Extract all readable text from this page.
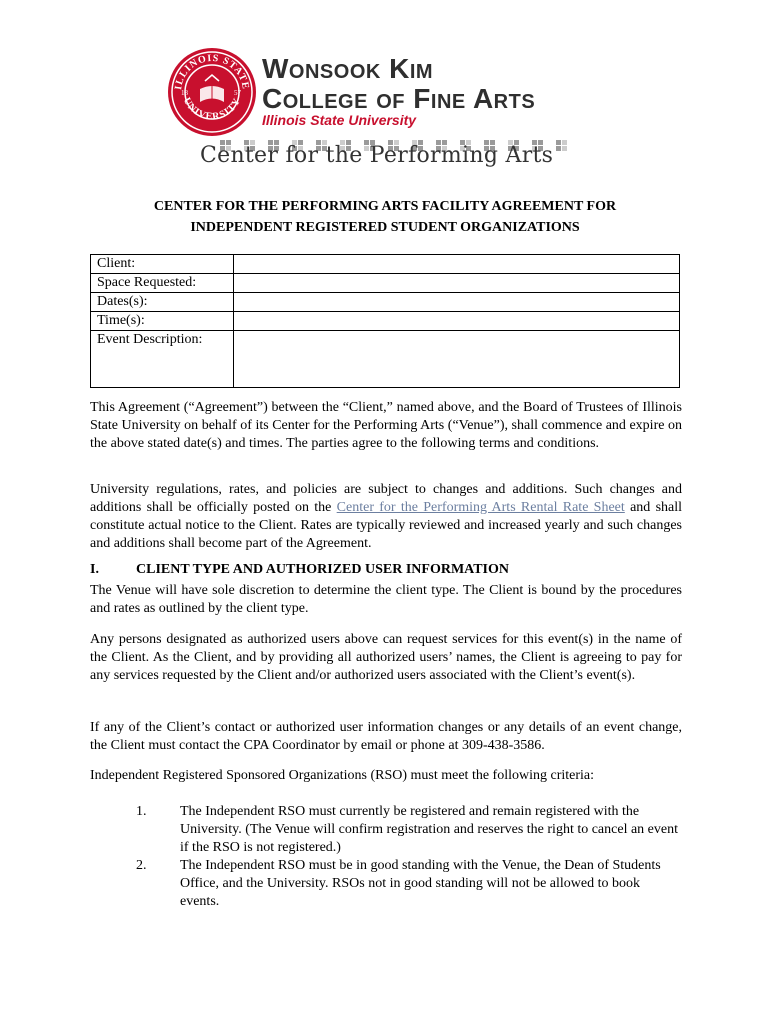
ILLINOIS STATE
UNIVERSITY
18	57
Wonsook Kim
College of Fine Arts
Illinois State University
Center for the Performing Arts
CENTER FOR THE PERFORMING ARTS FACILITY AGREEMENT FOR
INDEPENDENT REGISTERED STUDENT ORGANIZATIONS
Client:	
Space Requested:	
Dates(s):	
Time(s):	
Event Description:	
This Agreement (“Agreement”) between the “Client,” named above, and the Board of Trustees of Illinois State University on behalf of its Center for the Performing Arts (“Venue”), shall commence and expire on the above stated date(s) and times. The parties agree to the following terms and conditions.
University regulations, rates, and policies are subject to changes and additions. Such changes and additions shall be officially posted on the Center for the Performing Arts Rental Rate Sheet and shall constitute actual notice to the Client. Rates are typically reviewed and increased yearly and such changes and additions shall become part of the Agreement.
I.	CLIENT TYPE AND AUTHORIZED USER INFORMATION
The Venue will have sole discretion to determine the client type. The Client is bound by the procedures and rates as outlined by the client type.
Any persons designated as authorized users above can request services for this event(s) in the name of the Client. As the Client, and by providing all authorized users’ names, the Client is agreeing to pay for any services requested by the Client and/or authorized users associated with the Client’s event(s).
If any of the Client’s contact or authorized user information changes or any details of an event change, the Client must contact the CPA Coordinator by email or phone at 309-438-3586.
Independent Registered Sponsored Organizations (RSO) must meet the following criteria:
1. The Independent RSO must currently be registered and remain registered with the University. (The Venue will confirm registration and reserves the right to cancel an event if the RSO is not registered.)
2. The Independent RSO must be in good standing with the Venue, the Dean of Students Office, and the University. RSOs not in good standing will not be allowed to book events.
